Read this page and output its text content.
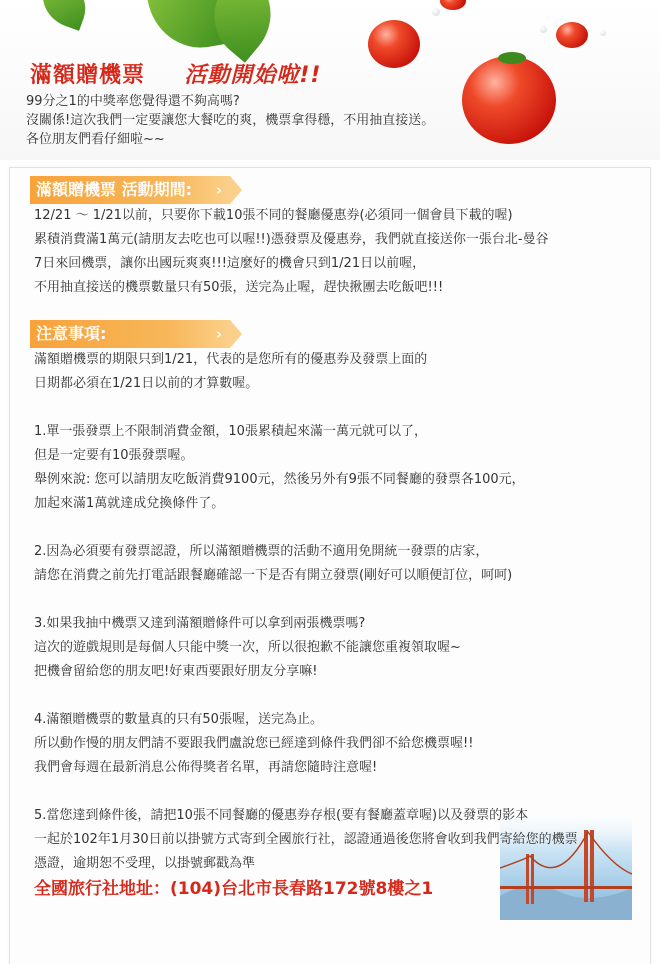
滿額贈機票 活動開始啦!!
99分之1的中獎率您覺得還不夠高嗎?
沒關係!這次我們一定要讓您大餐吃的爽，機票拿得穩，不用抽直接送。
各位朋友們看仔細啦~~
滿額贈機票 活動期間: ›
12/21 ～ 1/21以前，只要你下載10張不同的餐廳優惠券(必須同一個會員下載的喔)
累積消費滿1萬元(請朋友去吃也可以喔!!)憑發票及優惠券，我們就直接送你一張台北-曼谷
7日來回機票，讓你出國玩爽爽!!!這麼好的機會只到1/21日以前喔，
不用抽直接送的機票數量只有50張，送完為止喔，趕快揪團去吃飯吧!!!
注意事項:	›
滿額贈機票的期限只到1/21，代表的是您所有的優惠券及發票上面的
日期都必須在1/21日以前的才算數喔。

1.單一張發票上不限制消費金額，10張累積起來滿一萬元就可以了，
但是一定要有10張發票喔。
舉例來說: 您可以請朋友吃飯消費9100元，然後另外有9張不同餐廳的發票各100元，
加起來滿1萬就達成兌換條件了。

2.因為必須要有發票認證，所以滿額贈機票的活動不適用免開統一發票的店家，
請您在消費之前先打電話跟餐廳確認一下是否有開立發票(剛好可以順便訂位，呵呵)

3.如果我抽中機票又達到滿額贈條件可以拿到兩張機票嗎?
這次的遊戲規則是每個人只能中獎一次，所以很抱歉不能讓您重複領取喔~
把機會留給您的朋友吧!好東西要跟好朋友分享嘛!

4.滿額贈機票的數量真的只有50張喔，送完為止。
所以動作慢的朋友們請不要跟我們盧說您已經達到條件我們卻不給您機票喔!!
我們會每週在最新消息公佈得獎者名單，再請您隨時注意喔!

5.當您達到條件後，請把10張不同餐廳的優惠券存根(要有餐廳蓋章喔)以及發票的影本
一起於102年1月30日前以掛號方式寄到全國旅行社，認證通過後您將會收到我們寄給您的機票
憑證，逾期恕不受理，以掛號郵戳為準
全國旅行社地址：(104)台北市長春路172號8樓之1
